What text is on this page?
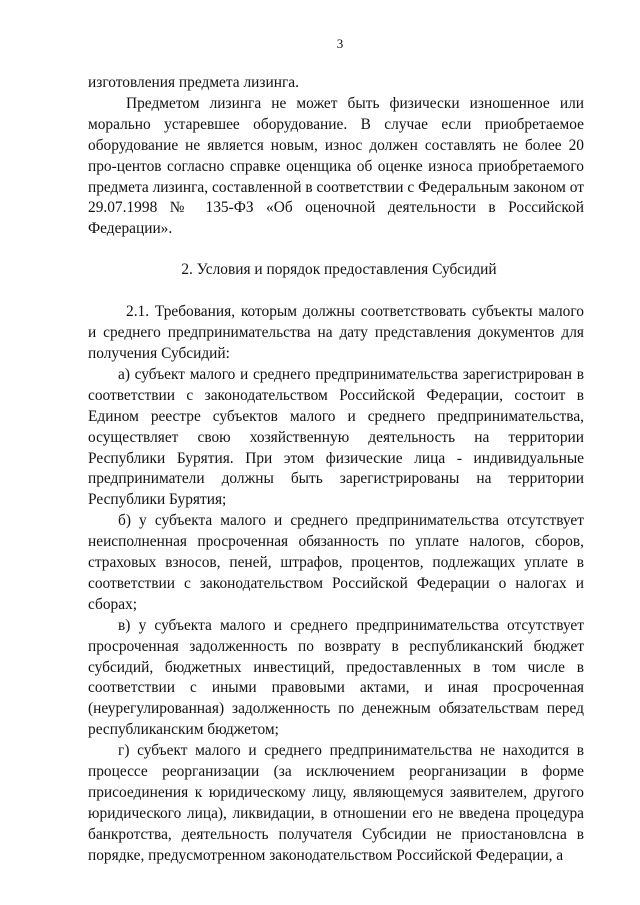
3

изготовления предмета лизинга.

Предметом лизинга не может быть физически изношенное или морально устаревшее оборудование. В случае если приобретаемое оборудование не является новым, износ должен составлять не более 20 про-центов согласно справке оценщика об оценке износа приобретаемого предмета лизинга, составленной в соответствии с Федеральным законом от 29.07.1998 № 135-ФЗ «Об оценочной деятельности в Российской Федерации».

2. Условия и порядок предоставления Субсидий

2.1. Требования, которым должны соответствовать субъекты малого и среднего предпринимательства на дату представления документов для получения Субсидий:

а) субъект малого и среднего предпринимательства зарегистрирован в соответствии с законодательством Российской Федерации, состоит в Едином реестре субъектов малого и среднего предпринимательства, осуществляет свою хозяйственную деятельность на территории Республики Бурятия. При этом физические лица - индивидуальные предприниматели должны быть зарегистрированы на территории Республики Бурятия;

б) у субъекта малого и среднего предпринимательства отсутствует неисполненная просроченная обязанность по уплате налогов, сборов, страховых взносов, пеней, штрафов, процентов, подлежащих уплате в соответствии с законодательством Российской Федерации о налогах и сборах;

в) у субъекта малого и среднего предпринимательства отсутствует просроченная задолженность по возврату в республиканский бюджет субсидий, бюджетных инвестиций, предоставленных в том числе в соответствии с иными правовыми актами, и иная просроченная (неурегулированная) задолженность по денежным обязательствам перед республиканским бюджетом;

г) субъект малого и среднего предпринимательства не находится в процессе реорганизации (за исключением реорганизации в форме присоединения к юридическому лицу, являющемуся заявителем, другого юридического лица), ликвидации, в отношении его не введена процедура банкротства, деятельность получателя Субсидии не приостановлсна в порядке, предусмотренном законодательством Российской Федерации, а
